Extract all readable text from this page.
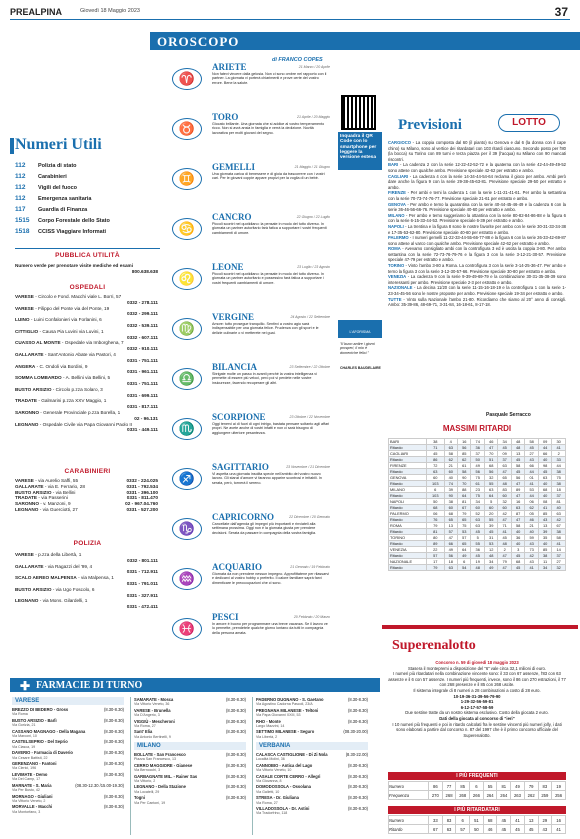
PREALPINA	Giovedì 18 Maggio 2023	37
OROSCOPO
di FRANCO COPES
♈
ARIETE	21 Marzo / 20 Aprile
Non fatevi vincere dalla gelosia. Non ci sono ombre nel rapporto con il partner. La giornata vi porterà chiarimenti e prove certe del vostro errore. Bene la salute.
♉
TORO	21 Aprile / 20 Maggio
Giocato brillante. Una giornata che si addice al vostro temperamento ricco. Non si avrà ansia in famiglia e verrà la dedizione. Novità lavorativa per molti giovani del segno.
♊
GEMELLI	21 Maggio / 21 Giugno
Una giornata carica di benessere e di gioia da trascorrere con i vostri cari. Per le giovani coppie appare propizi per la voglia di un bebè.
♋
CANCRO	22 Giugno / 22 Luglio
Piccoli scontri nel quotidiano: la pensate in modo del tutto diverso. In giornata un partner autoritario farà fatica a supportare i vostri frequenti cambiamenti di umore.
♌
LEONE	23 Luglio / 23 Agosto
Piccoli scontri nel quotidiano: la pensate in modo del tutto diverso. In giornata un partner autoritario e possessivo farà fatica a supportare i vostri frequenti cambiamenti di umore.
♍
VERGINE	24 Agosto / 22 Settembre
Amore: tutto prosegue tranquillo. Sentirvi a vostro agio sarà indispensabile per una giornata felice. Prudenza con gli sport e le delizie culinarie o vi metterete nei guai.
♎
BILANCIA	23 Settembre / 22 Ottobre
Sbrigate molte un passo in avanti perché la vostra intelligenza vi permette di essere più veloci, però poi vi perdete nelle vostre insicurezze, facendo recuperare gli altri.
♏
SCORPIONE	23 Ottobre / 22 Novembre
Oggi tenervi ai di fuori di ogni intrigo, bastata pensare soltanto agli affari propri. Ne avete anche di vostri infatti e non ci sarà bisogno di aggiungere ulteriore pesantezza.
♐
SAGITTARIO	23 Novembre / 21 Dicembre
Vi aspetta una giornata insolita specie nell'ambito del vostro nuovo lavoro. Gli stanzi d'amore vi faranno apparire scontrosi e irritabili. In serata, però, tornerà il sereno.
♑
CAPRICORNO	22 Dicembre / 20 Gennaio
Cancellate dall'agenda gli impegni più importanti e rinviateli alla settimana prossima. Oggi non è la giornata giusta per prendere decisioni. Serata da passare in compagnia della vostra famiglia.
♒
ACQUARIO	21 Gennaio / 19 Febbraio
Giornata da non prendere nessun impegno. Approfittatene per rilassarvi e dedicarvi al vostro hobby o preferito. Il calore familiare saprà farvi dimenticare le preoccupazioni che ci sono.
♓
PESCI	20 Febbraio / 20 Marzo
In amore è buono per programmare una breve vacanza. Se il lavoro ve lo permette, prendetele qualche giorno lontano da tutti in compagnia della persona amata.
Inquadra il QR Code con lo smartphone per leggere la versione estesa
L'AFORISMA
"Il buon ardire i giorni prosperi, il mio è domeniche felici."
CHARLES BAUDELAIRE
Numeri Utili
112 Polizia di stato
112 Carabinieri
112 Vigili del fuoco
112 Emergenza sanitaria
117 Guardia di Finanza
1515 Corpo Forestale dello Stato
1518 CCISS Viaggiare Informati
PUBBLICA UTILITÀ
Numero verde per prenotare visite mediche ed esami
800.638.638
OSPEDALI
VARESE - Circolo e Fond. Macchi viale L. Borri, 57
0332 - 278.111
VARESE - Filippo del Ponte via del Ponte, 19
0332 - 299.111
LUINO - Luini Confalonieri via Forlanini, 6
0332 - 539.111
CITTIGLIO - Causa Pia Luvini via Luvini, 1
0332 - 607.111
CUASSO AL MONTE - Ospedale via Imborghena, 7
0332 - 910.111
GALLARATE - Sant'Antonio Abate via Pastori, 4
0331 - 751.111
ANGERA - C. Ondoli via Bordini, 9
0331 - 961.111
SOMMA LOMBARDO - A. Bellini via Bellini, 5
0331 - 751.111
BUSTO ARSIZIO - Circolo p.zza Solaro, 3
0331 - 699.111
TRADATE - Galmarini p.zza XXV Maggio, 1
0331 - 817.111
SARONNO - Generale Provinciale p.zza Borella, 1
02 - 96.131
LEGNANO - Ospedale Civile via Papa Giovanni Paolo II
0331 - 449.111
CARABINIERI
VARESE - via Aurelio Saffi, 55	0332 - 224.025
GALLARATE - via E. Ferrario, 28	0331 - 792.534
BUSTO ARSIZIO - via Bellini	0331 - 396.100
TRADATE - via Passerini	0331 - 811.470
SARONNO - v. Manzoni, 9	02 - 967.04.760
LEGNANO - via Guerciotti, 27	0331 - 527.200
POLIZIA
VARESE - p.zza della Libertà, 1
0332 - 801.111
GALLARATE - via Ragazzi del '99, 4
0331 - 712.911
SCALO AEREO MALPENSA - via Malpensa, 1
0331 - 791.011
BUSTO ARSIZIO - via Ugo Foscolo, 6
0331 - 327.911
LEGNANO - via Mons. Gilardelli, 1
0331 - 472.411
Previsioni	LOTTO
CARGIOCO - La coppia composta dal 60 (il pianto) su Genova e dal 6 (la donna con il cape chino) su Milano, sono al vertice dei ritardatari con 103 ritardi ciascuno. Secondo posto per l'80 (la bocca) su Torino con 89 turni e terza piazza per il 39 (l'acqua) su Milano con 90 mancati riscontri.
BARI - La cadenza 2 con la serie 12-22-42-52-72 e la quaterna con la serie 42-44-49-49-52 sono attese con qualche ambo. Previsione speciale 42-62 per estratto e ambo.
CAGLIARI - La cadenza 4 con la serie 14-34-44-54-64 reclama il gioco per ambo. Ambi però dare anche la figura 9 con la serie 29-38-45-63-81. Previsione speciale 29-50 per estratto e ambo.
FIRENZE - Per ambi e terni la cadenza 1 con la serie 1-11-21-41-61. Per ambo la settantina con la serie 70-73-74-76-77. Previsione speciale 21-61 per estratto e ambo.
GENOVA - Per ambo e terno la quarantina con la serie 40-44-45-46-49 e la cadenza 6 con la serie 36-46-56-66-76. Previsione speciale 40-60 per estratto e ambo.
MILANO - Per ambo e terno suggeriamo la ottantina con la serie 80-82-84-86-88 e la figura 6 con la serie 6-15-33-44-53. Previsione speciale 6-39 per estratto e ambo.
NAPOLI - La trentina e la figura 8 sono le nostre favorite per ambo con le serie 30-31-33-34-38 e 17-35-53-62-80. Previsione speciale 40-60 per estratto e ambo.
PALERMO - I numeri gemelli 11-22-33-44-55-66-77-88 e la figura 6 con la serie 26-33-42-69-87 sono attese al varco con qualche ambo. Previsione speciale 42-62 per estratto e ambo.
ROMA - Avevamo consigliato ambi con la controfigura 3 ed è uscita la coppia 3-80. Per ambo settantina con la serie 72-73-76-79-76 e la figura 3 con la serie 3-12-21-30-57. Previsione speciale 47-79 per estratto e ambo.
TORINO - Vinto l'ambo 3-80 a Roma. La controfigura 3 con la serie 3-14-25-36-47. Per ambo e terno la figura 3 con la serie 3-12-30-57-66. Previsione speciale 30-80 per estratto e ambo.
VENEZIA - La cadenza 9 con la serie 9-39-49-69-79 e la combinazione 30-31-35-38-39 sono interessanti per ambo. Previsione speciale 2-3 per estratto e ambo.
NAZIONALE - La decina 11/20 con la serie 11-15-16-18-19 e la controfigura 1 con la serie 1-23-34-45-56 sono le nostre proposte per ambo. Previsione speciale 19-34 per estratto e ambo.
TUTTE - Vinto sulla Nazionale l'ambo 21-80. Ricordiamo che siamo al 20° anno di consigli. Ambo: 35-39-86, 48-69-71, 3-31-84, 16-18-61, 8-17-18.
Pasquale Serracco
MASSIMI RITARDI
BARI	38	4	16	74	46	34	48	58	09	30
Ritardo	71	63	56	36	47	45	48	45	44	41
CAGLIARI	45	58	85	37	70	09	13	27	66	2
Ritardo	86	62	62	50	51	37	45	43	40	33
FIRENZE	72	21	61	49	68	63	58	66	98	44
Ritardo	63	60	58	56	56	47	45	44	45	38
GENOVA	60	40	90	75	32	65	56	01	63	75
Ritardo	103	74	70	61	55	48	47	41	40	38
MILANO	6	39	88	23	63	83	89	53	68	18
Ritardo	103	90	64	75	64	60	47	44	40	37
NAPOLI	50	38	81	34	5	32	16	06	08	81
Ritardo	68	60	67	60	60	60	63	62	41	40
PALERMO	06	68	79	52	20	42	87	05	85	63
Ritardo	76	65	65	63	55	47	47	46	43	42
ROMA	79	13	75	63	39	71	58	21	13	67
Ritardo	81	57	53	45	45	41	40	40	39	38
TORINO	80	47	57	5	31	45	36	59	35	58
Ritardo	89	66	65	55	53	48	40	43	40	41
VENEZIA	22	49	64	36	12	2	3	73	85	14
Ritardo	57	56	49	45	48	47	45	42	38	37
NAZIONALE	17	18	6	19	34	79	68	43	11	27
Ritardo	79	63	54	48	49	47	45	41	34	32
Superenalotto
Concorso n. 59 di giovedì 18 maggio 2023
Stasera il montepremi a disposizione del "6" vale circa 32,1 milioni di euro.
I numeri più ritardatari nella combinazione vincente sono: il 33 con 67 assenze, l'83 con 63 assenze e il 6 con 57 assenze. I numeri più frequenti, invece, sono il 86 con 270 estrazioni, il 77 con 268 presenze e il 85 con 268 uscite.
Il sistema integrale di 8 numeri a 28 combinazioni a costo di 28 euro.
10-19-36-31-39-56-79-90
1-29-32-56-59-81
6-12-17-57-58-59
Due sestine tratte da un nostro sistema esclusivo. Costo della giocata 2 euro.
Dati della giocata al concorso di "ieri"
I 10 numeri più frequenti e poi in ritardo calcolati fra le sestine vincenti più numeri jolly, i dati sono elaborati a partire dal concorso n. 87 del 1997 che è il primo concorso ufficiale del Superenalotto.
I PIÙ FREQUENTI
Numero	86	77	85	6	55	81	49	79	83	19
Frequenza	270	268	268	266	264	264	263	262	259	256
I PIÙ RITARDATARI
Numero	33	83	6	51	68	45	41	13	29	16
Ritardo	67	63	57	50	46	45	45	45	43	41
✚ FARMACIE DI TURNO
VARESE
BREZZO DI BEDERO - Gross	(8.30-8.30)
Via Roma
BUSTO ARSIZIO - Barlì	(8.30-8.30)
Via Gorizia, 21
CASSANO MAGNAGO - Della Magana	(8.30-8.30)
Via Marconi, 10
CASTELSEPRIO - Del Seprio	(8.30-8.30)
Via Ciasca, 19
DAVERIO - Farmacia di Daverio	(8.30-8.30)
Via Cesare Battisti, 22
GERENZANO - Fantoni	(8.30-8.30)
Via Clerici, 196
LEVIMATE - Demo	(8.30-8.30)
Via Del Camp, 17
MARNATE - S. Maria	(08.30-12.30 /15.00-19.30)
Via Per Busto, 42
MORNAGO - Giuliani	(8.30-8.30)
Via Vittorio Veneto, 2
MORVALLE - Macchi	(8.30-8.30)
Via Montorfano, 3
SAMARATE - Mosca	(8.30-8.30)
Via Vittorio Veneto, 36
VARESE - Brunella	(8.30-8.30)
Via D'Angerio, 3
VIGGIÙ - Mescheroni	(8.30-8.30)
Via Roma, 27
Sant' Elia	(8.30-8.30)
Via Antonio Bertinelli, 9
MILANO
BOLLATE - San Francesco	(8.30-8.30)
Piazza San Francesco, 13
CERRO MAGGIORE - Gianese	(8.30-8.30)
Via Bernocchi, 3
GARBAGNATE MIL. - Rainer Sas	(8.30-8.30)
Via Vittorio, 2
LEGNANO - Della Stazione	(8.30-8.30)
Via Locatelli, 29
Togni	(8.30-8.30)
Via Per Cantoni, 19
PADERNO DUGNANO - S. Gaetano	(8.30-8.30)
Via Agostino Cadorna Pascoli, 23/A
PREGNANA MILANESE - Teltoni	(8.30-8.30)
Via Papa Giovanni XXIII, 53
RHO - Monte	(8.30-8.30)
Largo Mazzini, 14
SETTIMO MILANESE - Seguro	(08.30-20.00)
Via Libertà, 2
VERBANIA
CALASCA CASTIGLIONE - Di Zi Nola	(8.30-22.00)
Località Molini, 36
CANNOBIO - Antica del Lago	(8.30-8.30)
Via Vittorio Veneto, 10
CASALE CORTE CERRO - Allegri	(8.30-8.30)
Via Giovanna, 8
DOMODOSSOLA - Ossolana	(8.30-8.30)
Via Galletti, 10
STRESA - Dr. Giuliana	(8.30-8.30)
Via Roma, 27
VILLADOSSOLA - Dr. Astini	(8.30-8.30)
Via Tradorfrino, 118
